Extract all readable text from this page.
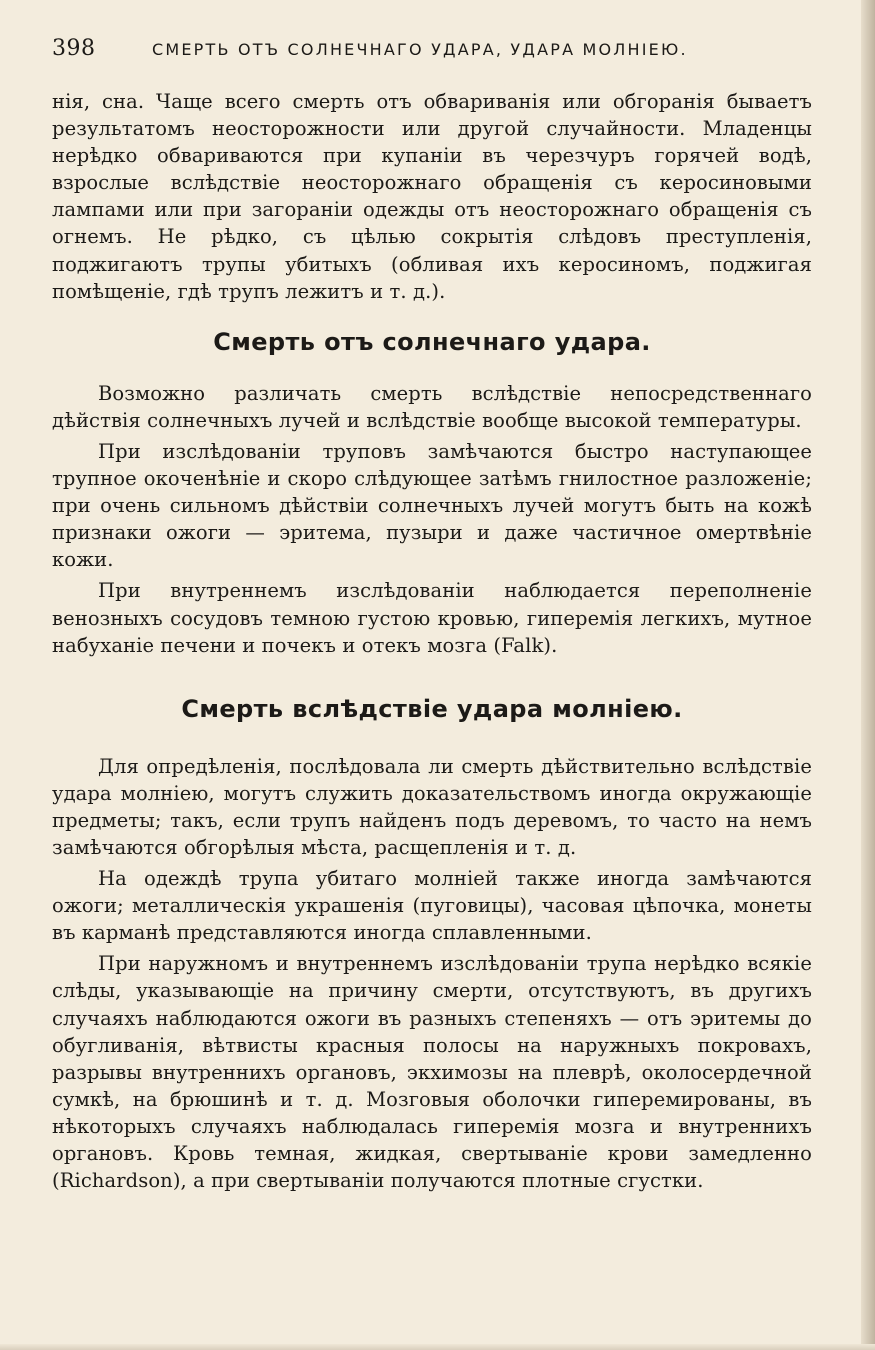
398	СМЕРТЬ ОТЪ СОЛНЕЧНАГО УДАРА, УДАРА МОЛНІЕЮ.

нія, сна. Чаще всего смерть отъ обвариванія или обгоранія бываетъ результатомъ неосторожности или другой случайности. Младенцы нерѣдко обвариваются при купаніи въ черезчуръ горячей водѣ, взрослые вслѣдствіе неосторожнаго обращенія съ керосиновыми лампами или при загораніи одежды отъ неосторожнаго обращенія съ огнемъ. Не рѣдко, съ цѣлью сокрытія слѣдовъ преступленія, поджигаютъ трупы убитыхъ (обливая ихъ керосиномъ, поджигая помѣщеніе, гдѣ трупъ лежитъ и т. д.).

Смерть отъ солнечнаго удара.

Возможно различать смерть вслѣдствіе непосредственнаго дѣйствія солнечныхъ лучей и вслѣдствіе вообще высокой температуры.

При изслѣдованіи труповъ замѣчаются быстро наступающее трупное окоченѣніе и скоро слѣдующее затѣмъ гнилостное разложеніе; при очень сильномъ дѣйствіи солнечныхъ лучей могутъ быть на кожѣ признаки ожоги — эритема, пузыри и даже частичное омертвѣніе кожи.

При внутреннемъ изслѣдованіи наблюдается переполненіе венозныхъ сосудовъ темною густою кровью, гиперемія легкихъ, мутное набуханіе печени и почекъ и отекъ мозга (Falk).

Смерть вслѣдствіе удара молніею.

Для опредѣленія, послѣдовала ли смерть дѣйствительно вслѣдствіе удара молніею, могутъ служить доказательствомъ иногда окружающіе предметы; такъ, если трупъ найденъ подъ деревомъ, то часто на немъ замѣчаются обгорѣлыя мѣста, расщепленія и т. д.

На одеждѣ трупа убитаго молніей также иногда замѣчаются ожоги; металлическія украшенія (пуговицы), часовая цѣпочка, монеты въ карманѣ представляются иногда сплавленными.

При наружномъ и внутреннемъ изслѣдованіи трупа нерѣдко всякіе слѣды, указывающіе на причину смерти, отсутствуютъ, въ другихъ случаяхъ наблюдаются ожоги въ разныхъ степеняхъ — отъ эритемы до обугливанія, вѣтвисты красныя полосы на наружныхъ покровахъ, разрывы внутреннихъ органовъ, экхимозы на плеврѣ, околосердечной сумкѣ, на брюшинѣ и т. д. Мозговыя оболочки гиперемированы, въ нѣкоторыхъ случаяхъ наблюдалась гиперемія мозга и внутреннихъ органовъ. Кровь темная, жидкая, свертываніе крови замедленно (Richardson), а при свертываніи получаются плотные сгустки.
